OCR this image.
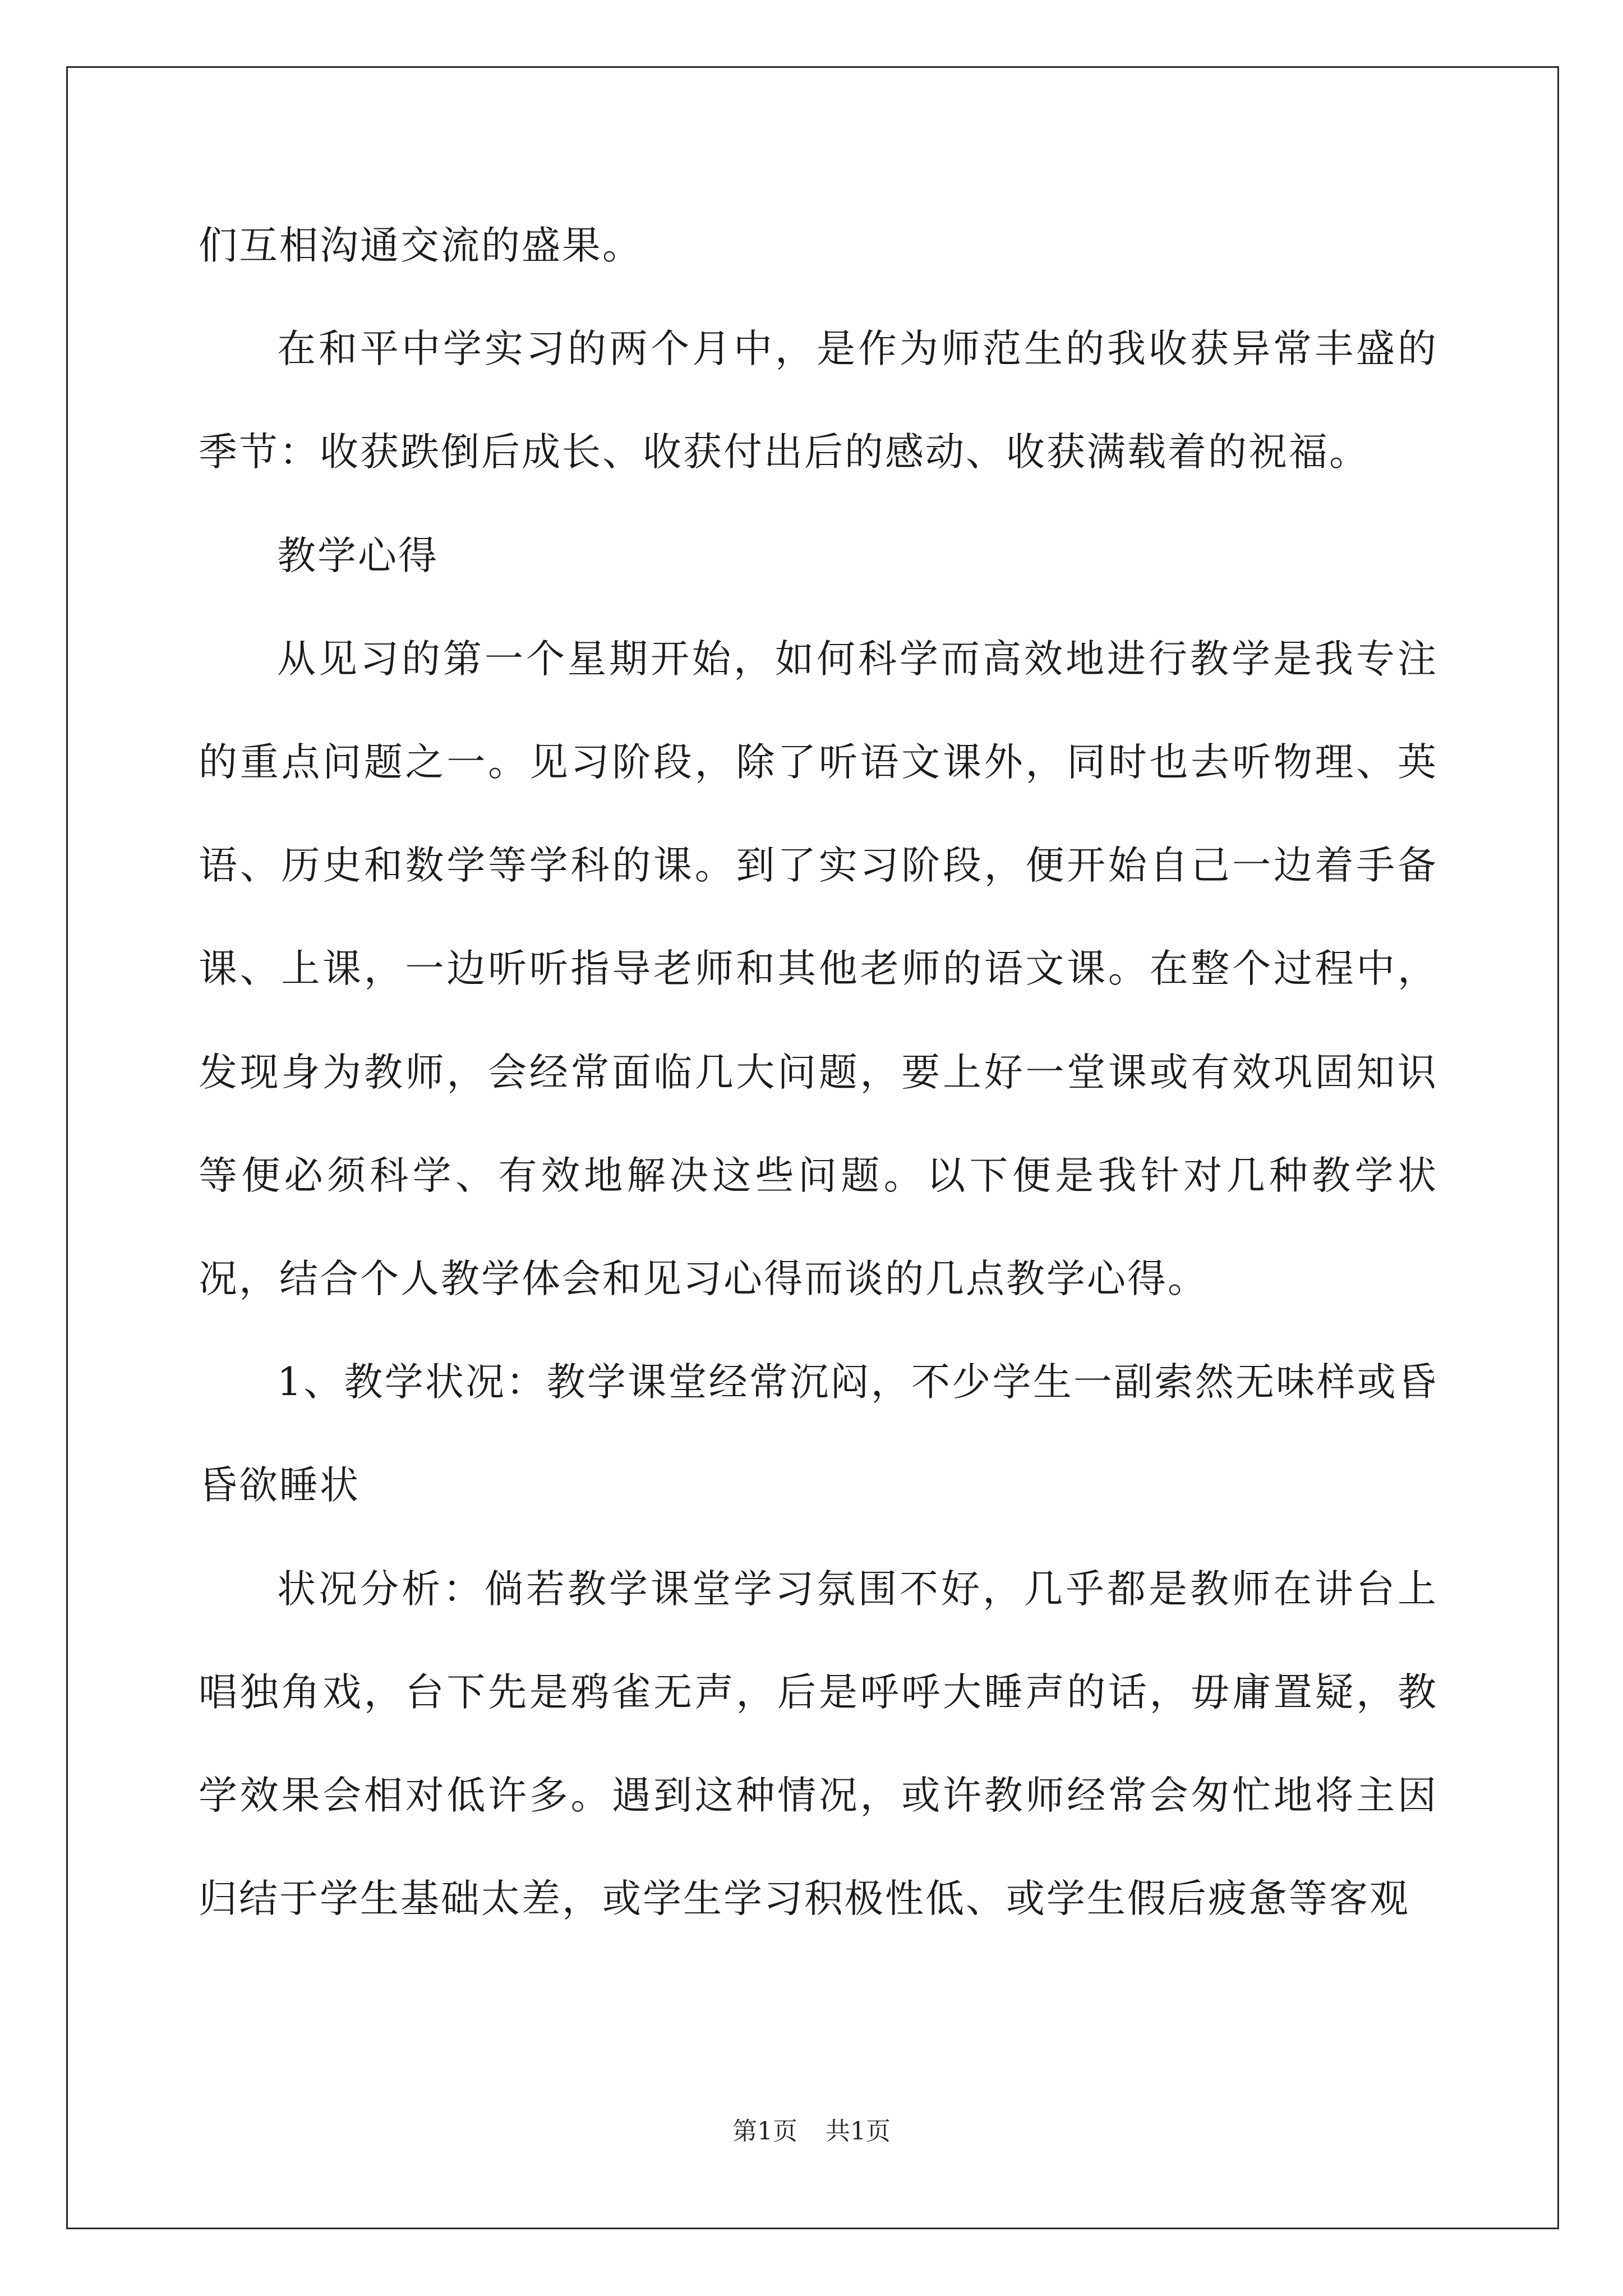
们互相沟通交流的盛果。

在和平中学实习的两个月中，是作为师范生的我收获异常丰盛的季节：收获跌倒后成长、收获付出后的感动、收获满载着的祝福。

教学心得

从见习的第一个星期开始，如何科学而高效地进行教学是我专注的重点问题之一。见习阶段，除了听语文课外，同时也去听物理、英语、历史和数学等学科的课。到了实习阶段，便开始自己一边着手备课、上课，一边听听指导老师和其他老师的语文课。在整个过程中，发现身为教师，会经常面临几大问题，要上好一堂课或有效巩固知识等便必须科学、有效地解决这些问题。以下便是我针对几种教学状况，结合个人教学体会和见习心得而谈的几点教学心得。

1、教学状况：教学课堂经常沉闷，不少学生一副索然无味样或昏昏欲睡状

状况分析：倘若教学课堂学习氛围不好，几乎都是教师在讲台上唱独角戏，台下先是鸦雀无声，后是呼呼大睡声的话，毋庸置疑，教学效果会相对低许多。遇到这种情况，或许教师经常会匆忙地将主因归结于学生基础太差，或学生学习积极性低、或学生假后疲惫等客观

第1页 共1页
